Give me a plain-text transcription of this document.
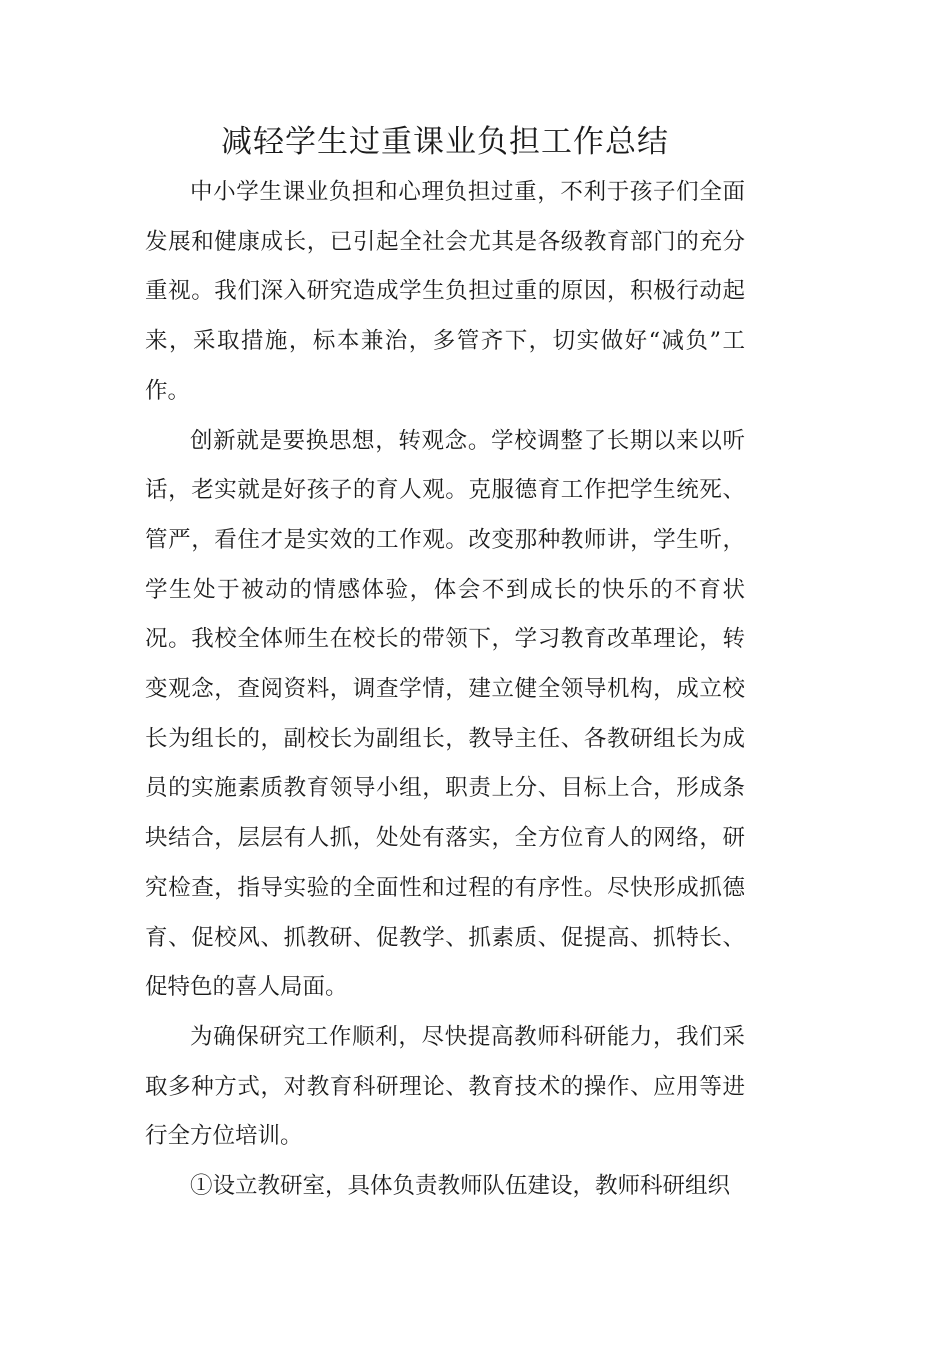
减轻学生过重课业负担工作总结

中小学生课业负担和心理负担过重，不利于孩子们全面发展和健康成长，已引起全社会尤其是各级教育部门的充分重视。我们深入研究造成学生负担过重的原因，积极行动起来，采取措施，标本兼治，多管齐下，切实做好“减负”工作。

创新就是要换思想，转观念。学校调整了长期以来以听话，老实就是好孩子的育人观。克服德育工作把学生统死、管严，看住才是实效的工作观。改变那种教师讲，学生听，学生处于被动的情感体验，体会不到成长的快乐的不育状况。我校全体师生在校长的带领下，学习教育改革理论，转变观念，查阅资料，调查学情，建立健全领导机构，成立校长为组长的，副校长为副组长，教导主任、各教研组长为成员的实施素质教育领导小组，职责上分、目标上合，形成条块结合，层层有人抓，处处有落实，全方位育人的网络，研究检查，指导实验的全面性和过程的有序性。尽快形成抓德育、促校风、抓教研、促教学、抓素质、促提高、抓特长、促特色的喜人局面。

为确保研究工作顺利，尽快提高教师科研能力，我们采取多种方式，对教育科研理论、教育技术的操作、应用等进行全方位培训。

①设立教研室，具体负责教师队伍建设，教师科研组织
